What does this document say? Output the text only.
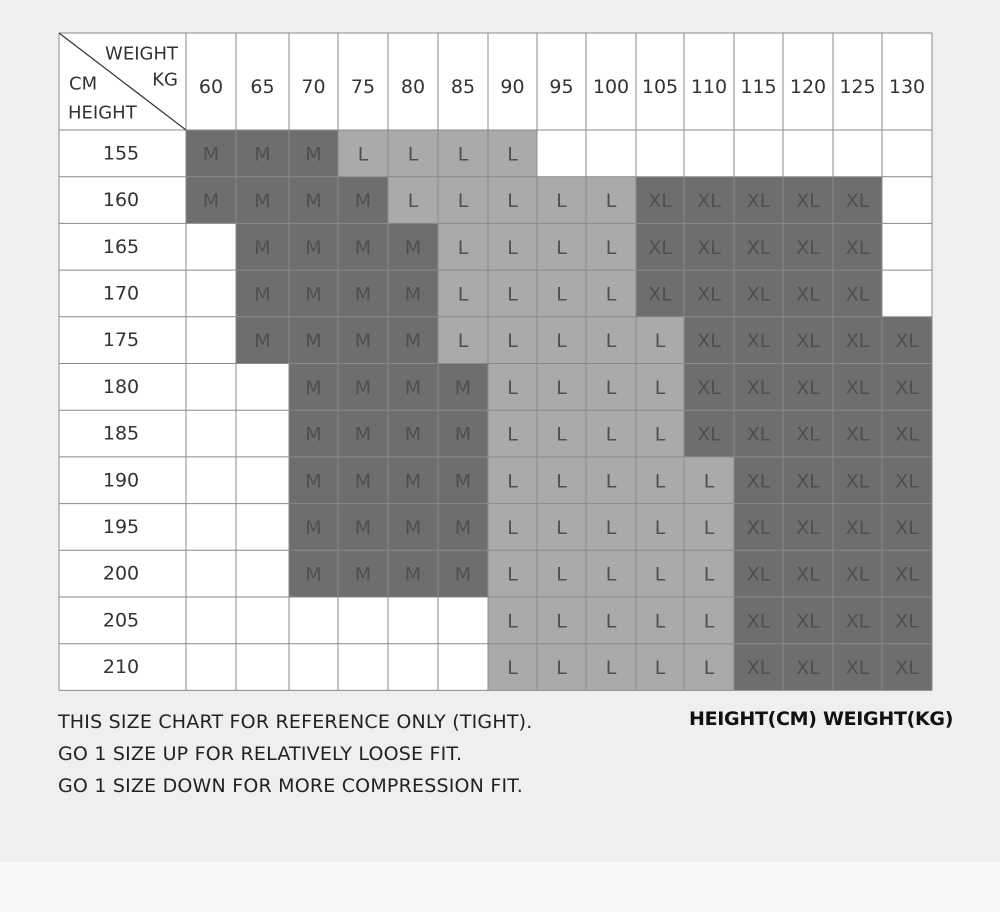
M M M L L L L
M M M M L L L L L XL XL XL XL XL
M M M M L L L L XL XL XL XL XL
M M M M L L L L XL XL XL XL XL
M M M M L L L L L XL XL XL XL XL
M M M M L L L L XL XL XL XL XL
M M M M L L L L XL XL XL XL XL
M M M M L L L L L XL XL XL XL
M M M M L L L L L XL XL XL XL
M M M M L L L L L XL XL XL XL
L L L L L XL XL XL XL
L L L L L XL XL XL XL
60 65 70 75 80 85 90 95 100 105 110 115 120 125 130
155
160
165
170
175
180
185
190
195
200
205
210
WEIGHT
CM	KG
HEIGHT
THIS SIZE CHART FOR REFERENCE ONLY (TIGHT).
GO 1 SIZE UP FOR RELATIVELY LOOSE FIT.
GO 1 SIZE DOWN FOR MORE COMPRESSION FIT.
HEIGHT(CM) WEIGHT(KG)
